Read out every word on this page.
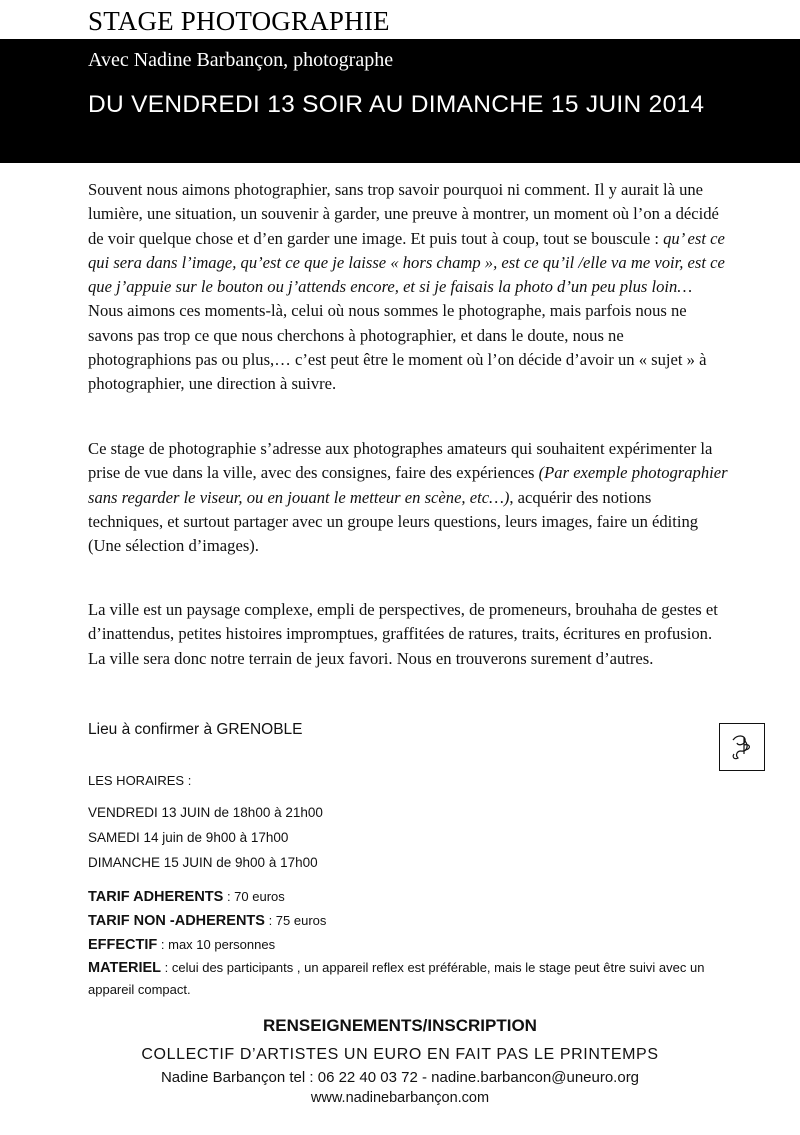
STAGE PHOTOGRAPHIE

Avec Nadine Barbançon, photographe

DU VENDREDI 13 SOIR AU DIMANCHE 15 JUIN 2014

Souvent nous aimons photographier, sans trop savoir pourquoi ni comment. Il y aurait là une lumière, une situation, un souvenir à garder, une preuve à montrer, un moment où l’on a décidé de voir quelque chose et d’en garder une image. Et puis tout à coup, tout se bouscule : qu’ est ce qui sera dans l’image, qu’est ce que je laisse « hors champ », est ce qu’il /elle va me voir, est ce que j’appuie sur le bouton ou j’attends encore, et si je faisais la photo d’un peu plus loin… Nous aimons ces moments-là, celui où nous sommes le photographe, mais parfois nous ne savons pas trop ce que nous cherchons à photographier, et dans le doute, nous ne photographions pas ou plus,… c’est peut être le moment où l’on décide d’avoir un « sujet » à photographier, une direction à suivre.

Ce stage de photographie s’adresse aux photographes amateurs qui souhaitent expérimenter la prise de vue dans la ville, avec des consignes, faire des expériences (Par exemple photographier sans regarder le viseur, ou en jouant le metteur en scène, etc…), acquérir des notions techniques, et surtout partager avec un groupe leurs questions, leurs images, faire un éditing (Une sélection d’images).

La ville est un paysage complexe, empli de perspectives, de promeneurs, brouhaha de gestes et d’inattendus, petites histoires impromptues, graffitées de ratures, traits, écritures en profusion. La ville sera donc notre terrain de jeux favori. Nous en trouverons surement d’autres.

Lieu à confirmer à GRENOBLE

LES HORAIRES :

VENDREDI 13 JUIN de 18h00 à 21h00

SAMEDI 14 juin de 9h00 à 17h00

DIMANCHE 15 JUIN de 9h00 à 17h00

TARIF ADHERENTS : 70 euros

TARIF NON -ADHERENTS : 75 euros

EFFECTIF : max 10 personnes

MATERIEL : celui des participants , un appareil reflex est préférable, mais le stage peut être suivi avec un appareil compact.

RENSEIGNEMENTS/INSCRIPTION

COLLECTIF D’ARTISTES UN EURO EN FAIT PAS LE PRINTEMPS

Nadine Barbançon tel : 06 22 40 03 72 - nadine.barbancon@uneuro.org

www.nadinebarbançon.com
